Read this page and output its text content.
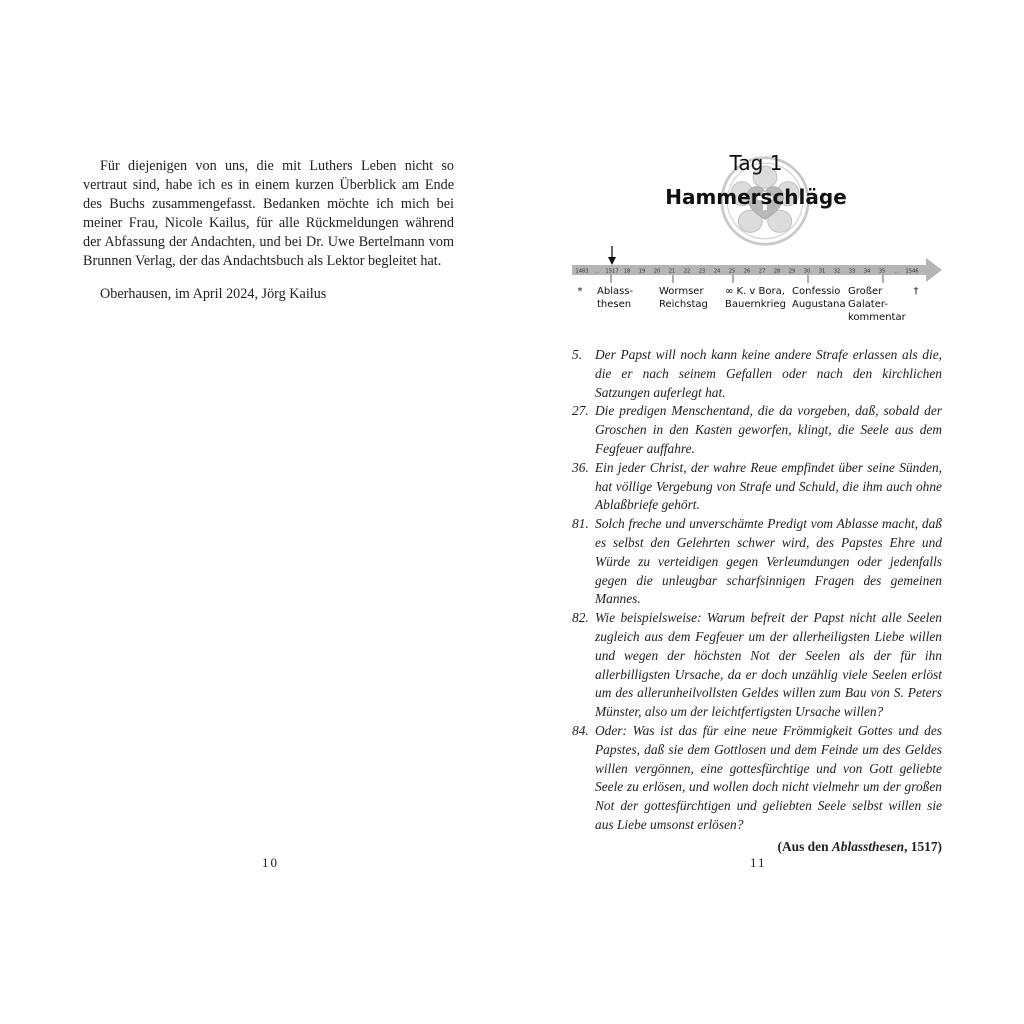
Für diejenigen von uns, die mit Luthers Leben nicht so vertraut sind, habe ich es in einem kurzen Überblick am Ende des Buchs zusammengefasst. Bedanken möchte ich mich bei meiner Frau, Nicole Kailus, für alle Rückmeldungen während der Abfassung der Andachten, und bei Dr. Uwe Bertelmann vom Brunnen Verlag, der das Andachtsbuch als Lektor begleitet hat.

Oberhausen, im April 2024, Jörg Kailus

10
Tag 1
Hammerschläge
1483 … 1517 18 19 20 21 22 23 24 25 26 27 28 29 30 31 32 33 34 35 … 1546
* Ablass-
thesen
Wormser
Reichstag
∞ K. v Bora,
Bauernkrieg
Confessio
Augustana
Großer
Galater-
kommentar
†
5. Der Papst will noch kann keine andere Strafe erlassen als die, die er nach seinem Gefallen oder nach den kirchlichen Satzungen auferlegt hat.
27. Die predigen Menschentand, die da vorgeben, daß, sobald der Groschen in den Kasten geworfen, klingt, die Seele aus dem Fegfeuer auffahre.
36. Ein jeder Christ, der wahre Reue empfindet über seine Sünden, hat völlige Vergebung von Strafe und Schuld, die ihm auch ohne Ablaßbriefe gehört.
81. Solch freche und unverschämte Predigt vom Ablasse macht, daß es selbst den Gelehrten schwer wird, des Papstes Ehre und Würde zu verteidigen gegen Verleumdungen oder jedenfalls gegen die unleugbar scharfsinnigen Fragen des gemeinen Mannes.
82. Wie beispielsweise: Warum befreit der Papst nicht alle Seelen zugleich aus dem Fegfeuer um der allerheiligsten Liebe willen und wegen der höchsten Not der Seelen als der für ihn allerbilligsten Ursache, da er doch unzählig viele Seelen erlöst um des allerunheilvollsten Geldes willen zum Bau von S. Peters Münster, also um der leichtfertigsten Ursache willen?
84. Oder: Was ist das für eine neue Frömmigkeit Gottes und des Papstes, daß sie dem Gottlosen und dem Feinde um des Geldes willen vergönnen, eine gottesfürchtige und von Gott geliebte Seele zu erlösen, und wollen doch nicht vielmehr um der großen Not der gottesfürchtigen und geliebten Seele selbst willen sie aus Liebe umsonst erlösen?
(Aus den Ablassthesen, 1517)
11
